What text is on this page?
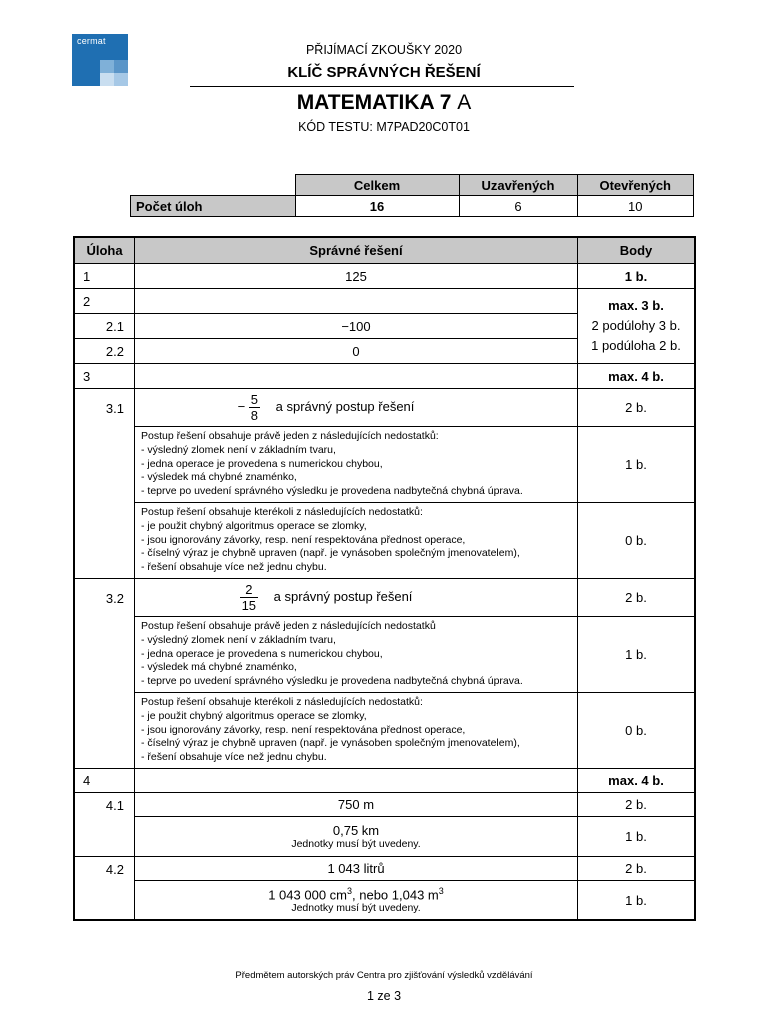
cermat
PŘIJÍMACÍ ZKOUŠKY 2020
KLÍČ SPRÁVNÝCH ŘEŠENÍ
MATEMATIKA 7 A
KÓD TESTU: M7PAD20C0T01
	Celkem	Uzavřených	Otevřených
Počet úloh	16	6	10
Úloha	Správné řešení	Body
1	125	1 b.
2		max. 3 b.
2 podúlohy 3 b.
1 podúloha 2 b.

2.1	−100	
2.2	0	
3		max. 4 b.
3.1	− $\frac{5}{8}$ a správný postup řešení	2 b.

	Postup řešení obsahuje právě jeden z následujících nedostatků:
- výsledný zlomek není v základním tvaru,
- jedna operace je provedena s numerickou chybou,
- výsledek má chybné znaménko,
- teprve po uvedení správného výsledku je provedena nadbytečná chybná úprava.	1 b.

	Postup řešení obsahuje kterékoli z následujících nedostatků:
- je použit chybný algoritmus operace se zlomky,
- jsou ignorovány závorky, resp. není respektována přednost operace,
- číselný výraz je chybně upraven (např. je vynásoben společným jmenovatelem),
- řešení obsahuje více než jednu chybu.	0 b.
3.2	$\frac{2}{15}$ a správný postup řešení	2 b.

	Postup řešení obsahuje právě jeden z následujících nedostatků
- výsledný zlomek není v základním tvaru,
- jedna operace je provedena s numerickou chybou,
- výsledek má chybné znaménko,
- teprve po uvedení správného výsledku je provedena nadbytečná chybná úprava.	1 b.

	Postup řešení obsahuje kterékoli z následujících nedostatků:
- je použit chybný algoritmus operace se zlomky,
- jsou ignorovány závorky, resp. není respektována přednost operace,
- číselný výraz je chybně upraven (např. je vynásoben společným jmenovatelem),
- řešení obsahuje více než jednu chybu.	0 b.
4		max. 4 b.
4.1	750 m	2 b.

	0,75 km
Jednotky musí být uvedeny.	1 b.
4.2	1 043 litrů	2 b.

	1 043 000 $cm^3$, nebo 1,043 $m^3$
Jednotky musí být uvedeny.	1 b.
Předmětem autorských práv Centra pro zjišťování výsledků vzdělávání
1 ze 3
